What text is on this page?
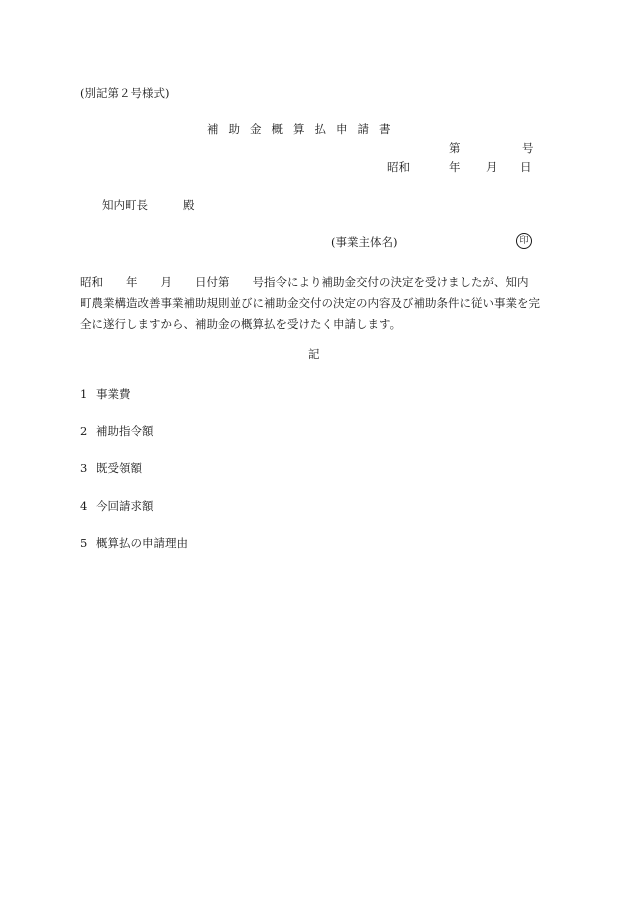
(別記第２号様式)
補助金概算払申請書
第	号
昭和	年 月 日
知内町長	殿
(事業主体名)	印
昭和　　年　　月　　日付第　　号指令により補助金交付の決定を受けましたが、知内
町農業構造改善事業補助規則並びに補助金交付の決定の内容及び補助条件に従い事業を完
全に遂行しますから、補助金の概算払を受けたく申請します。
記
1 事業費
2 補助指令額
3 既受領額
4 今回請求額
5 概算払の申請理由
